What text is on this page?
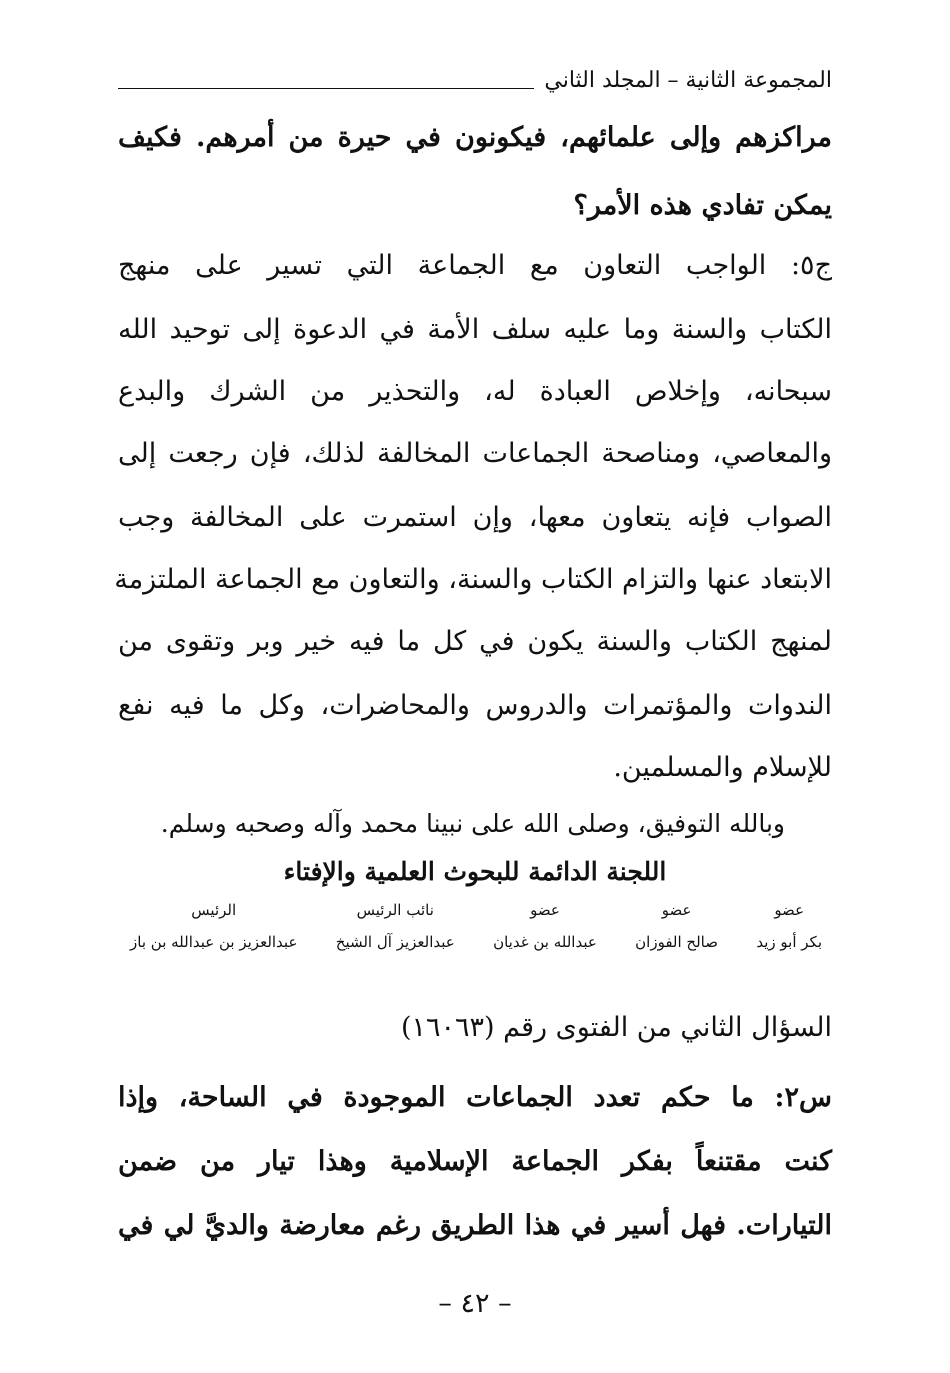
المجموعة الثانية – المجلد الثاني
مراكزهم وإلى علمائهم، فيكونون في حيرة من أمرهم. فكيف
يمكن تفادي هذه الأمر؟
ج٥: الواجب التعاون مع الجماعة التي تسير على منهج
الكتاب والسنة وما عليه سلف الأمة في الدعوة إلى توحيد الله
سبحانه، وإخلاص العبادة له، والتحذير من الشرك والبدع
والمعاصي، ومناصحة الجماعات المخالفة لذلك، فإن رجعت إلى
الصواب فإنه يتعاون معها، وإن استمرت على المخالفة وجب
الابتعاد عنها والتزام الكتاب والسنة، والتعاون مع الجماعة الملتزمة
لمنهج الكتاب والسنة يكون في كل ما فيه خير وبر وتقوى من
الندوات والمؤتمرات والدروس والمحاضرات، وكل ما فيه نفع
للإسلام والمسلمين.
وبالله التوفيق، وصلى الله على نبينا محمد وآله وصحبه وسلم.
اللجنة الدائمة للبحوث العلمية والإفتاء
عضو
بكر أبو زيد
عضو
صالح الفوزان
عضو
عبدالله بن غديان
نائب الرئيس
عبدالعزيز آل الشيخ
الرئيس
عبدالعزيز بن عبدالله بن باز
السؤال الثاني من الفتوى رقم (١٦٠٦٣)
س٢: ما حكم تعدد الجماعات الموجودة في الساحة، وإذا
كنت مقتنعاً بفكر الجماعة الإسلامية وهذا تيار من ضمن
التيارات. فهل أسير في هذا الطريق رغم معارضة والديَّ لي في
– ٤٢ –
